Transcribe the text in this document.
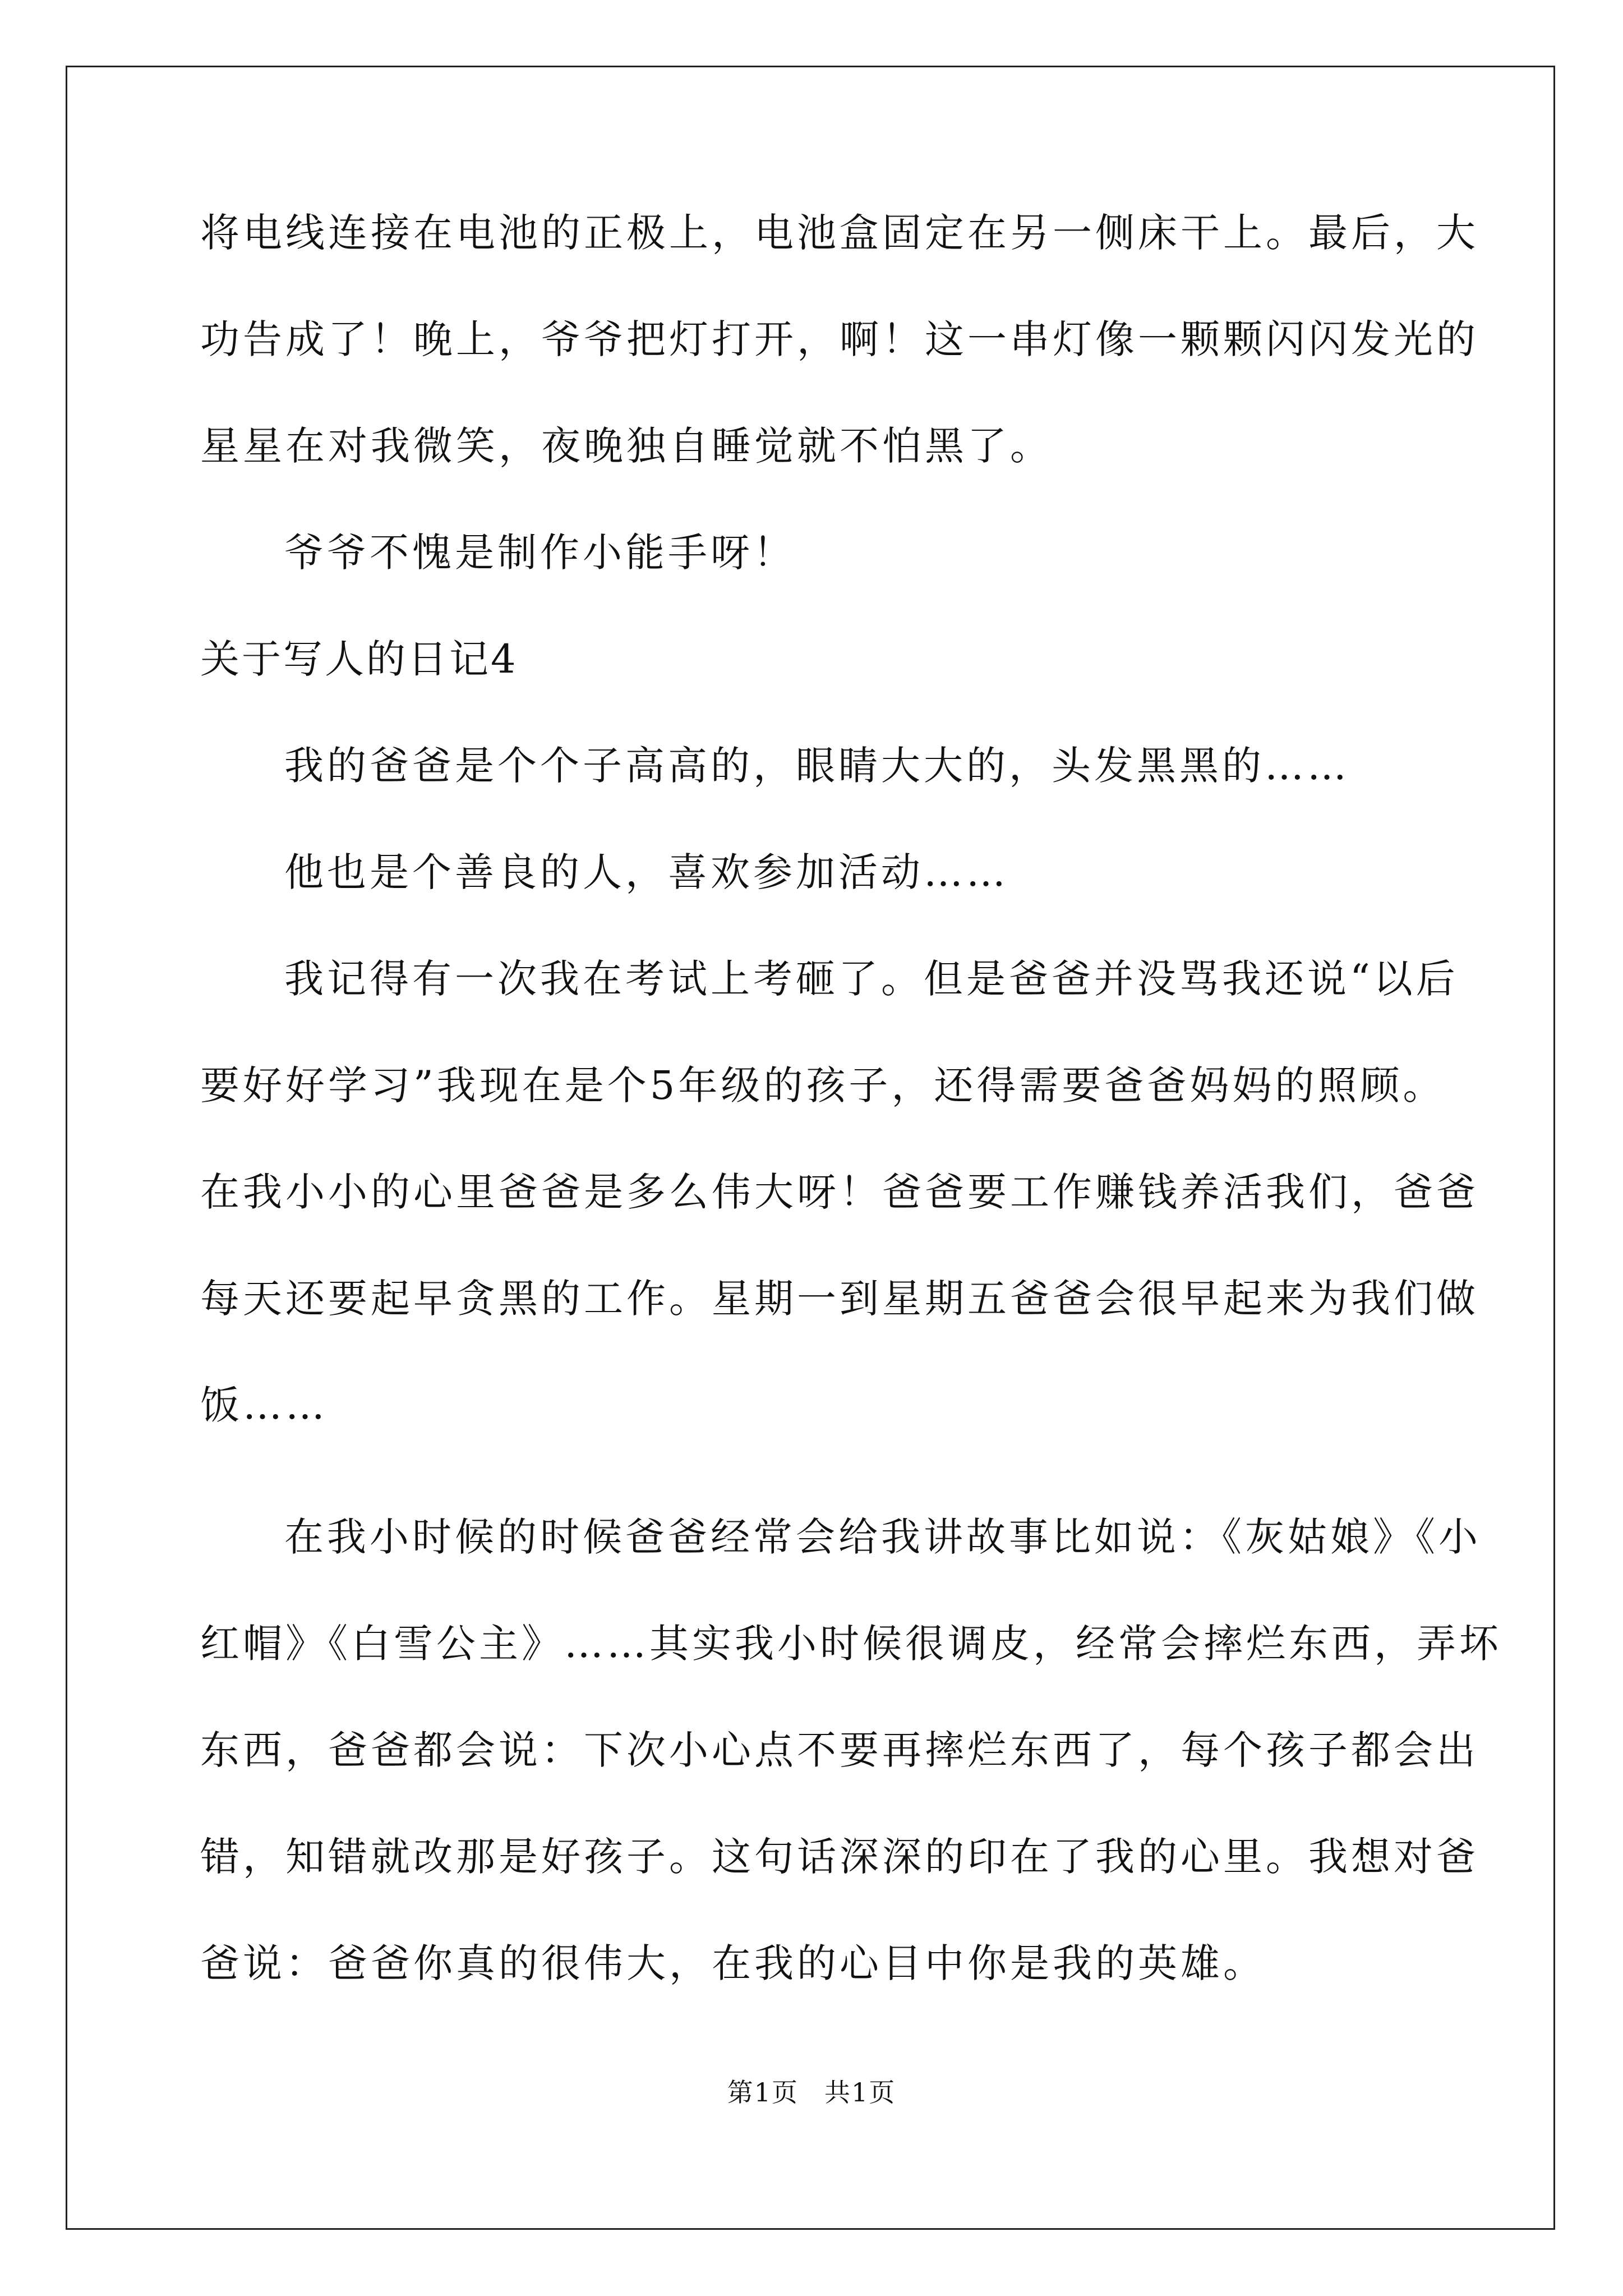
将电线连接在电池的正极上，电池盒固定在另一侧床干上。最后，大
功告成了！晚上，爷爷把灯打开，啊！这一串灯像一颗颗闪闪发光的
星星在对我微笑，夜晚独自睡觉就不怕黑了。
爷爷不愧是制作小能手呀！
关于写人的日记4
我的爸爸是个个子高高的，眼睛大大的，头发黑黑的……
他也是个善良的人，喜欢参加活动……
我记得有一次我在考试上考砸了。但是爸爸并没骂我还说“以后
要好好学习”我现在是个5年级的孩子，还得需要爸爸妈妈的照顾。
在我小小的心里爸爸是多么伟大呀！爸爸要工作赚钱养活我们，爸爸
每天还要起早贪黑的工作。星期一到星期五爸爸会很早起来为我们做
饭……
在我小时候的时候爸爸经常会给我讲故事比如说：《灰姑娘》《小
红帽》《白雪公主》……其实我小时候很调皮，经常会摔烂东西，弄坏
东西，爸爸都会说：下次小心点不要再摔烂东西了，每个孩子都会出
错，知错就改那是好孩子。这句话深深的印在了我的心里。我想对爸
爸说：爸爸你真的很伟大，在我的心目中你是我的英雄。
第1页 共1页
